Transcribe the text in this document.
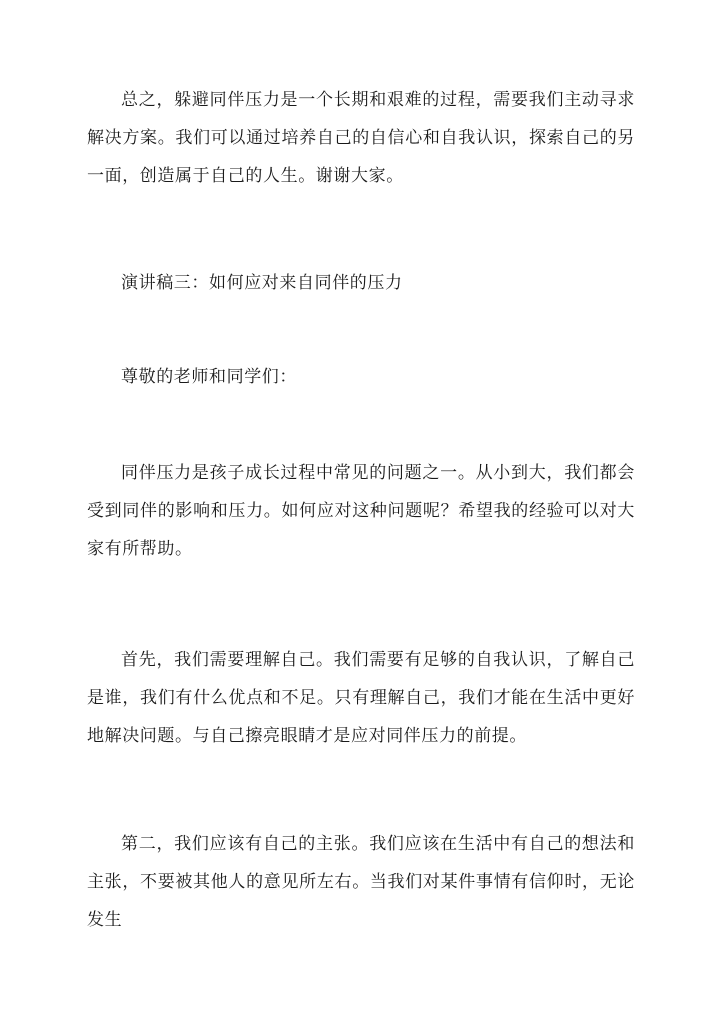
总之，躲避同伴压力是一个长期和艰难的过程，需要我们主动寻求解决方案。我们可以通过培养自己的自信心和自我认识，探索自己的另一面，创造属于自己的人生。谢谢大家。

演讲稿三：如何应对来自同伴的压力

尊敬的老师和同学们：

同伴压力是孩子成长过程中常见的问题之一。从小到大，我们都会受到同伴的影响和压力。如何应对这种问题呢？希望我的经验可以对大家有所帮助。

首先，我们需要理解自己。我们需要有足够的自我认识，了解自己是谁，我们有什么优点和不足。只有理解自己，我们才能在生活中更好地解决问题。与自己擦亮眼睛才是应对同伴压力的前提。

第二，我们应该有自己的主张。我们应该在生活中有自己的想法和主张，不要被其他人的意见所左右。当我们对某件事情有信仰时，无论发生
